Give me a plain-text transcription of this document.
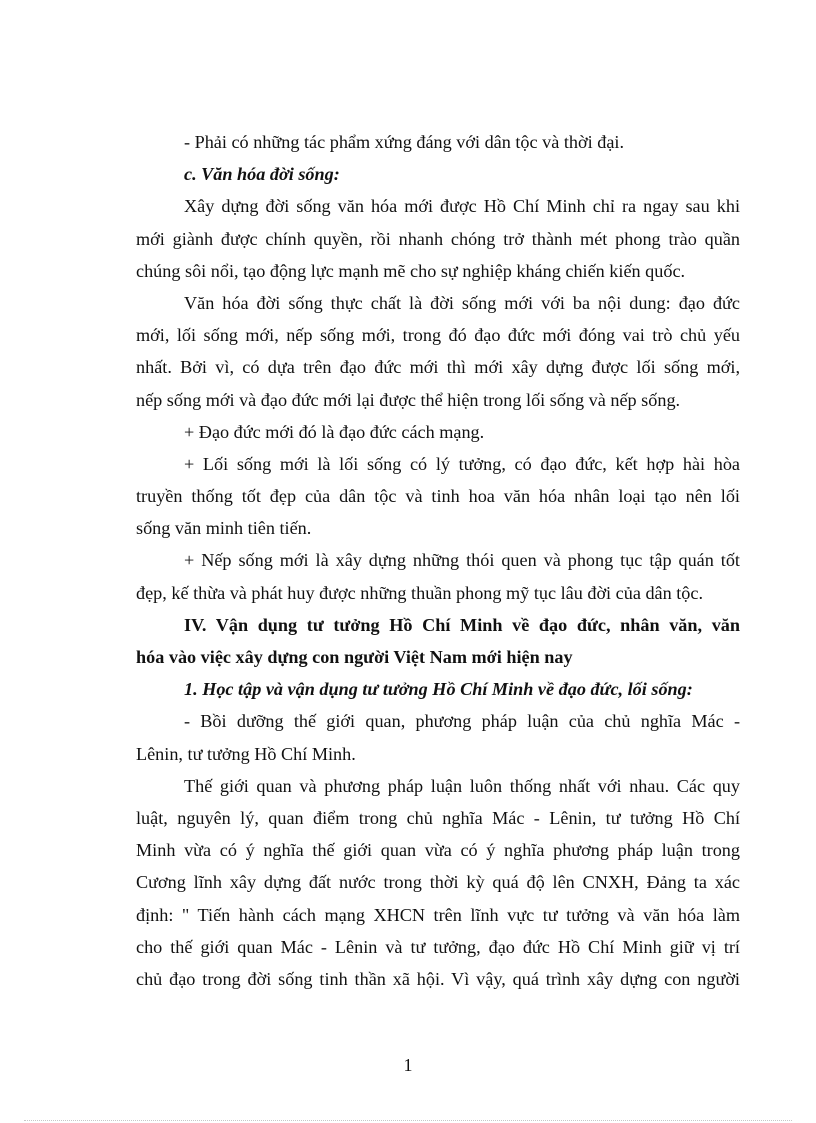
- Phải có những tác phẩm xứng đáng với dân tộc và thời đại.
c. Văn hóa đời sống:
Xây dựng đời sống văn hóa mới được Hồ Chí Minh chỉ ra ngay sau khi
mới giành được chính quyền, rồi nhanh chóng trở thành mét phong trào quần
chúng sôi nổi, tạo động lực mạnh mẽ cho sự nghiệp kháng chiến kiến quốc.
Văn hóa đời sống thực chất là đời sống mới với ba nội dung: đạo đức
mới, lối sống mới, nếp sống mới, trong đó đạo đức mới đóng vai trò chủ yếu
nhất. Bởi vì, có dựa trên đạo đức mới thì mới xây dựng được lối sống mới,
nếp sống mới và đạo đức mới lại được thể hiện trong lối sống và nếp sống.
+ Đạo đức mới đó là đạo đức cách mạng.
+ Lối sống mới là lối sống có lý tưởng, có đạo đức, kết hợp hài hòa
truyền thống tốt đẹp của dân tộc và tinh hoa văn hóa nhân loại tạo nên lối
sống văn minh tiên tiến.
+ Nếp sống mới là xây dựng những thói quen và phong tục tập quán tốt
đẹp, kế thừa và phát huy được những thuần phong mỹ tục lâu đời của dân tộc.
IV. Vận dụng tư tưởng Hồ Chí Minh về đạo đức, nhân văn, văn
hóa vào việc xây dựng con người Việt Nam mới hiện nay
1. Học tập và vận dụng tư tưởng Hồ Chí Minh về đạo đức, lối sống:
- Bồi dưỡng thế giới quan, phương pháp luận của chủ nghĩa Mác -
Lênin, tư tưởng Hồ Chí Minh.
Thế giới quan và phương pháp luận luôn thống nhất với nhau. Các quy
luật, nguyên lý, quan điểm trong chủ nghĩa Mác - Lênin, tư tưởng Hồ Chí
Minh vừa có ý nghĩa thế giới quan vừa có ý nghĩa phương pháp luận trong
Cương lĩnh xây dựng đất nước trong thời kỳ quá độ lên CNXH, Đảng ta xác
định: " Tiến hành cách mạng XHCN trên lĩnh vực tư tưởng và văn hóa làm
cho thế giới quan Mác - Lênin và tư tưởng, đạo đức Hồ Chí Minh giữ vị trí
chủ đạo trong đời sống tinh thần xã hội. Vì vậy, quá trình xây dựng con người
1
